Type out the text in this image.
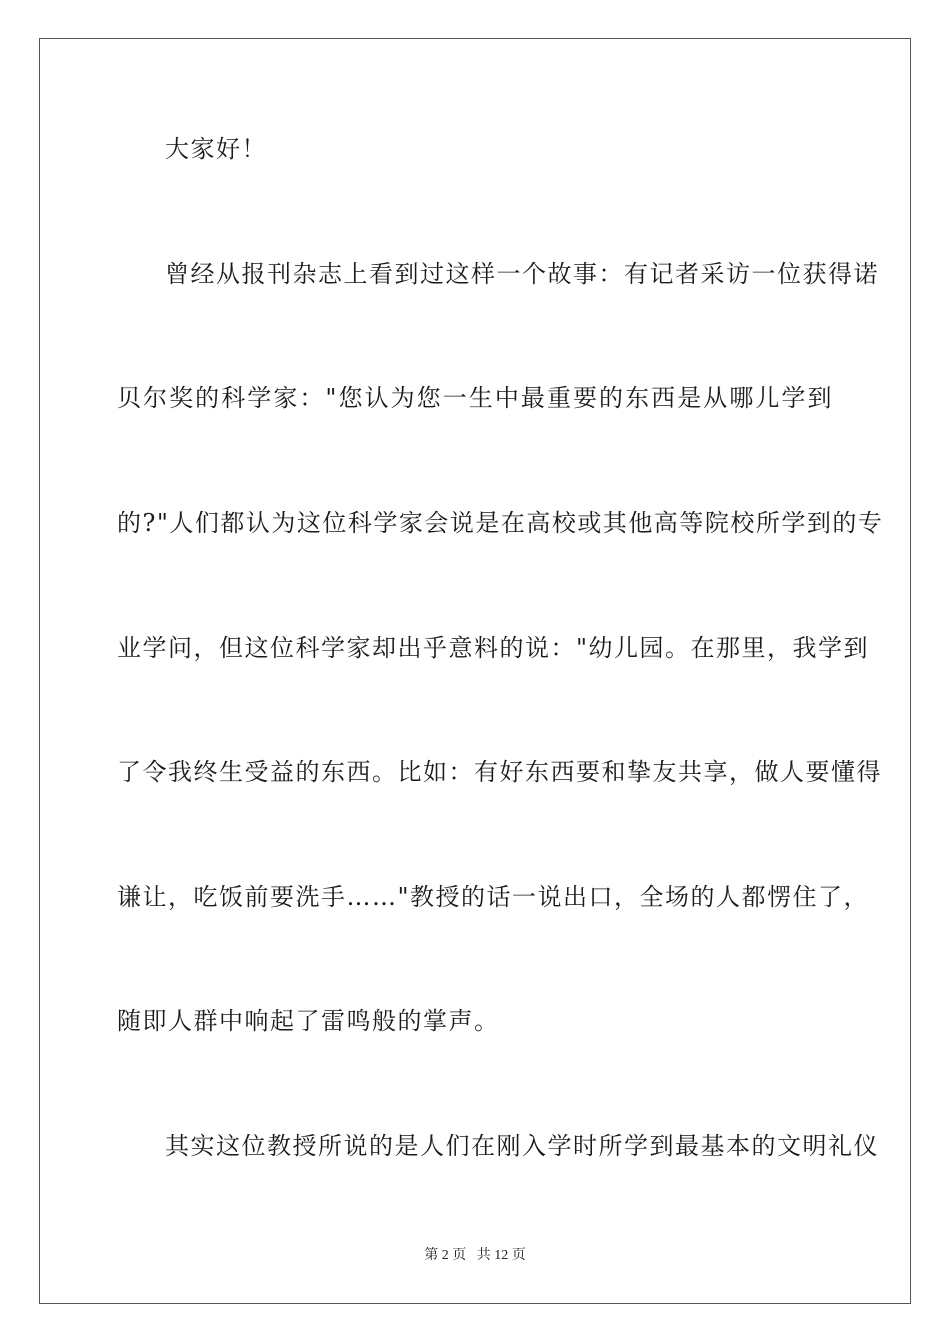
大家好！
曾经从报刊杂志上看到过这样一个故事：有记者采访一位获得诺
贝尔奖的科学家："您认为您一生中最重要的东西是从哪儿学到
的?"人们都认为这位科学家会说是在高校或其他高等院校所学到的专
业学问，但这位科学家却出乎意料的说："幼儿园。在那里，我学到
了令我终生受益的东西。比如：有好东西要和挚友共享，做人要懂得
谦让，吃饭前要洗手……"教授的话一说出口，全场的人都愣住了，
随即人群中响起了雷鸣般的掌声。
其实这位教授所说的是人们在刚入学时所学到最基本的文明礼仪
第 2 页 共 12 页
